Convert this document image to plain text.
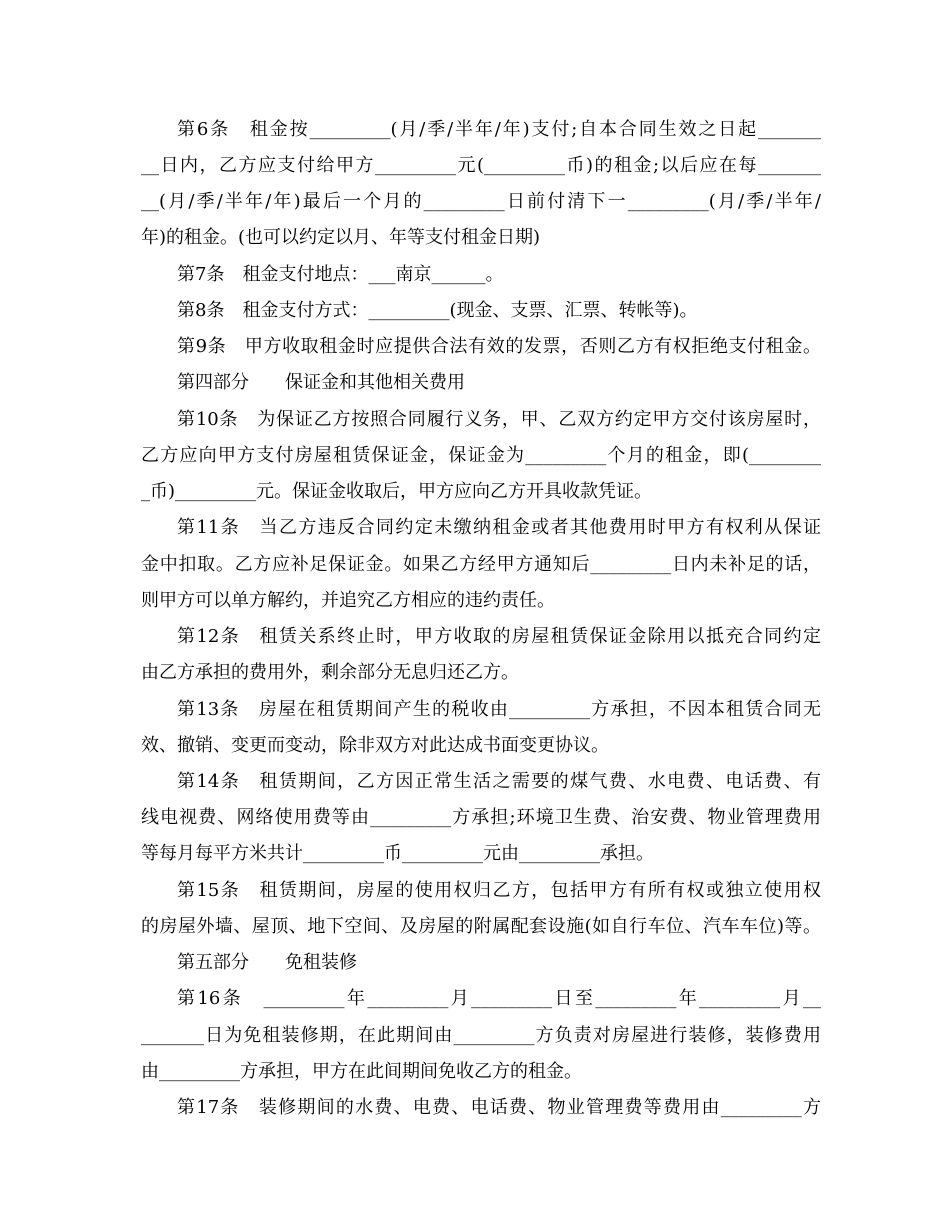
第6条　租金按_________(月/季/半年/年)支付;自本合同生效之日起_______
__日内，乙方应支付给甲方_________元(_________币)的租金;以后应在每_______
__(月/季/半年/年)最后一个月的_________日前付清下一_________(月/季/半年/
年)的租金。(也可以约定以月、年等支付租金日期)
第7条　租金支付地点：___南京______。
第8条　租金支付方式：_________(现金、支票、汇票、转帐等)。
第9条　甲方收取租金时应提供合法有效的发票，否则乙方有权拒绝支付租金。
第四部分　　保证金和其他相关费用
第10条　为保证乙方按照合同履行义务，甲、乙双方约定甲方交付该房屋时，
乙方应向甲方支付房屋租赁保证金，保证金为_________个月的租金，即(________
_币)_________元。保证金收取后，甲方应向乙方开具收款凭证。
第11条　当乙方违反合同约定未缴纳租金或者其他费用时甲方有权利从保证
金中扣取。乙方应补足保证金。如果乙方经甲方通知后_________日内未补足的话，
则甲方可以单方解约，并追究乙方相应的违约责任。
第12条　租赁关系终止时，甲方收取的房屋租赁保证金除用以抵充合同约定
由乙方承担的费用外，剩余部分无息归还乙方。
第13条　房屋在租赁期间产生的税收由_________方承担，不因本租赁合同无
效、撤销、变更而变动，除非双方对此达成书面变更协议。
第14条　租赁期间，乙方因正常生活之需要的煤气费、水电费、电话费、有
线电视费、网络使用费等由_________方承担;环境卫生费、治安费、物业管理费用
等每月每平方米共计_________币_________元由_________承担。
第15条　租赁期间，房屋的使用权归乙方，包括甲方有所有权或独立使用权
的房屋外墙、屋顶、地下空间、及房屋的附属配套设施(如自行车位、汽车车位)等。
第五部分　　免租装修
第16条　_________年_________月_________日至_________年_________月__
_______日为免租装修期，在此期间由_________方负责对房屋进行装修，装修费用
由_________方承担，甲方在此间期间免收乙方的租金。
第17条　装修期间的水费、电费、电话费、物业管理费等费用由_________方
